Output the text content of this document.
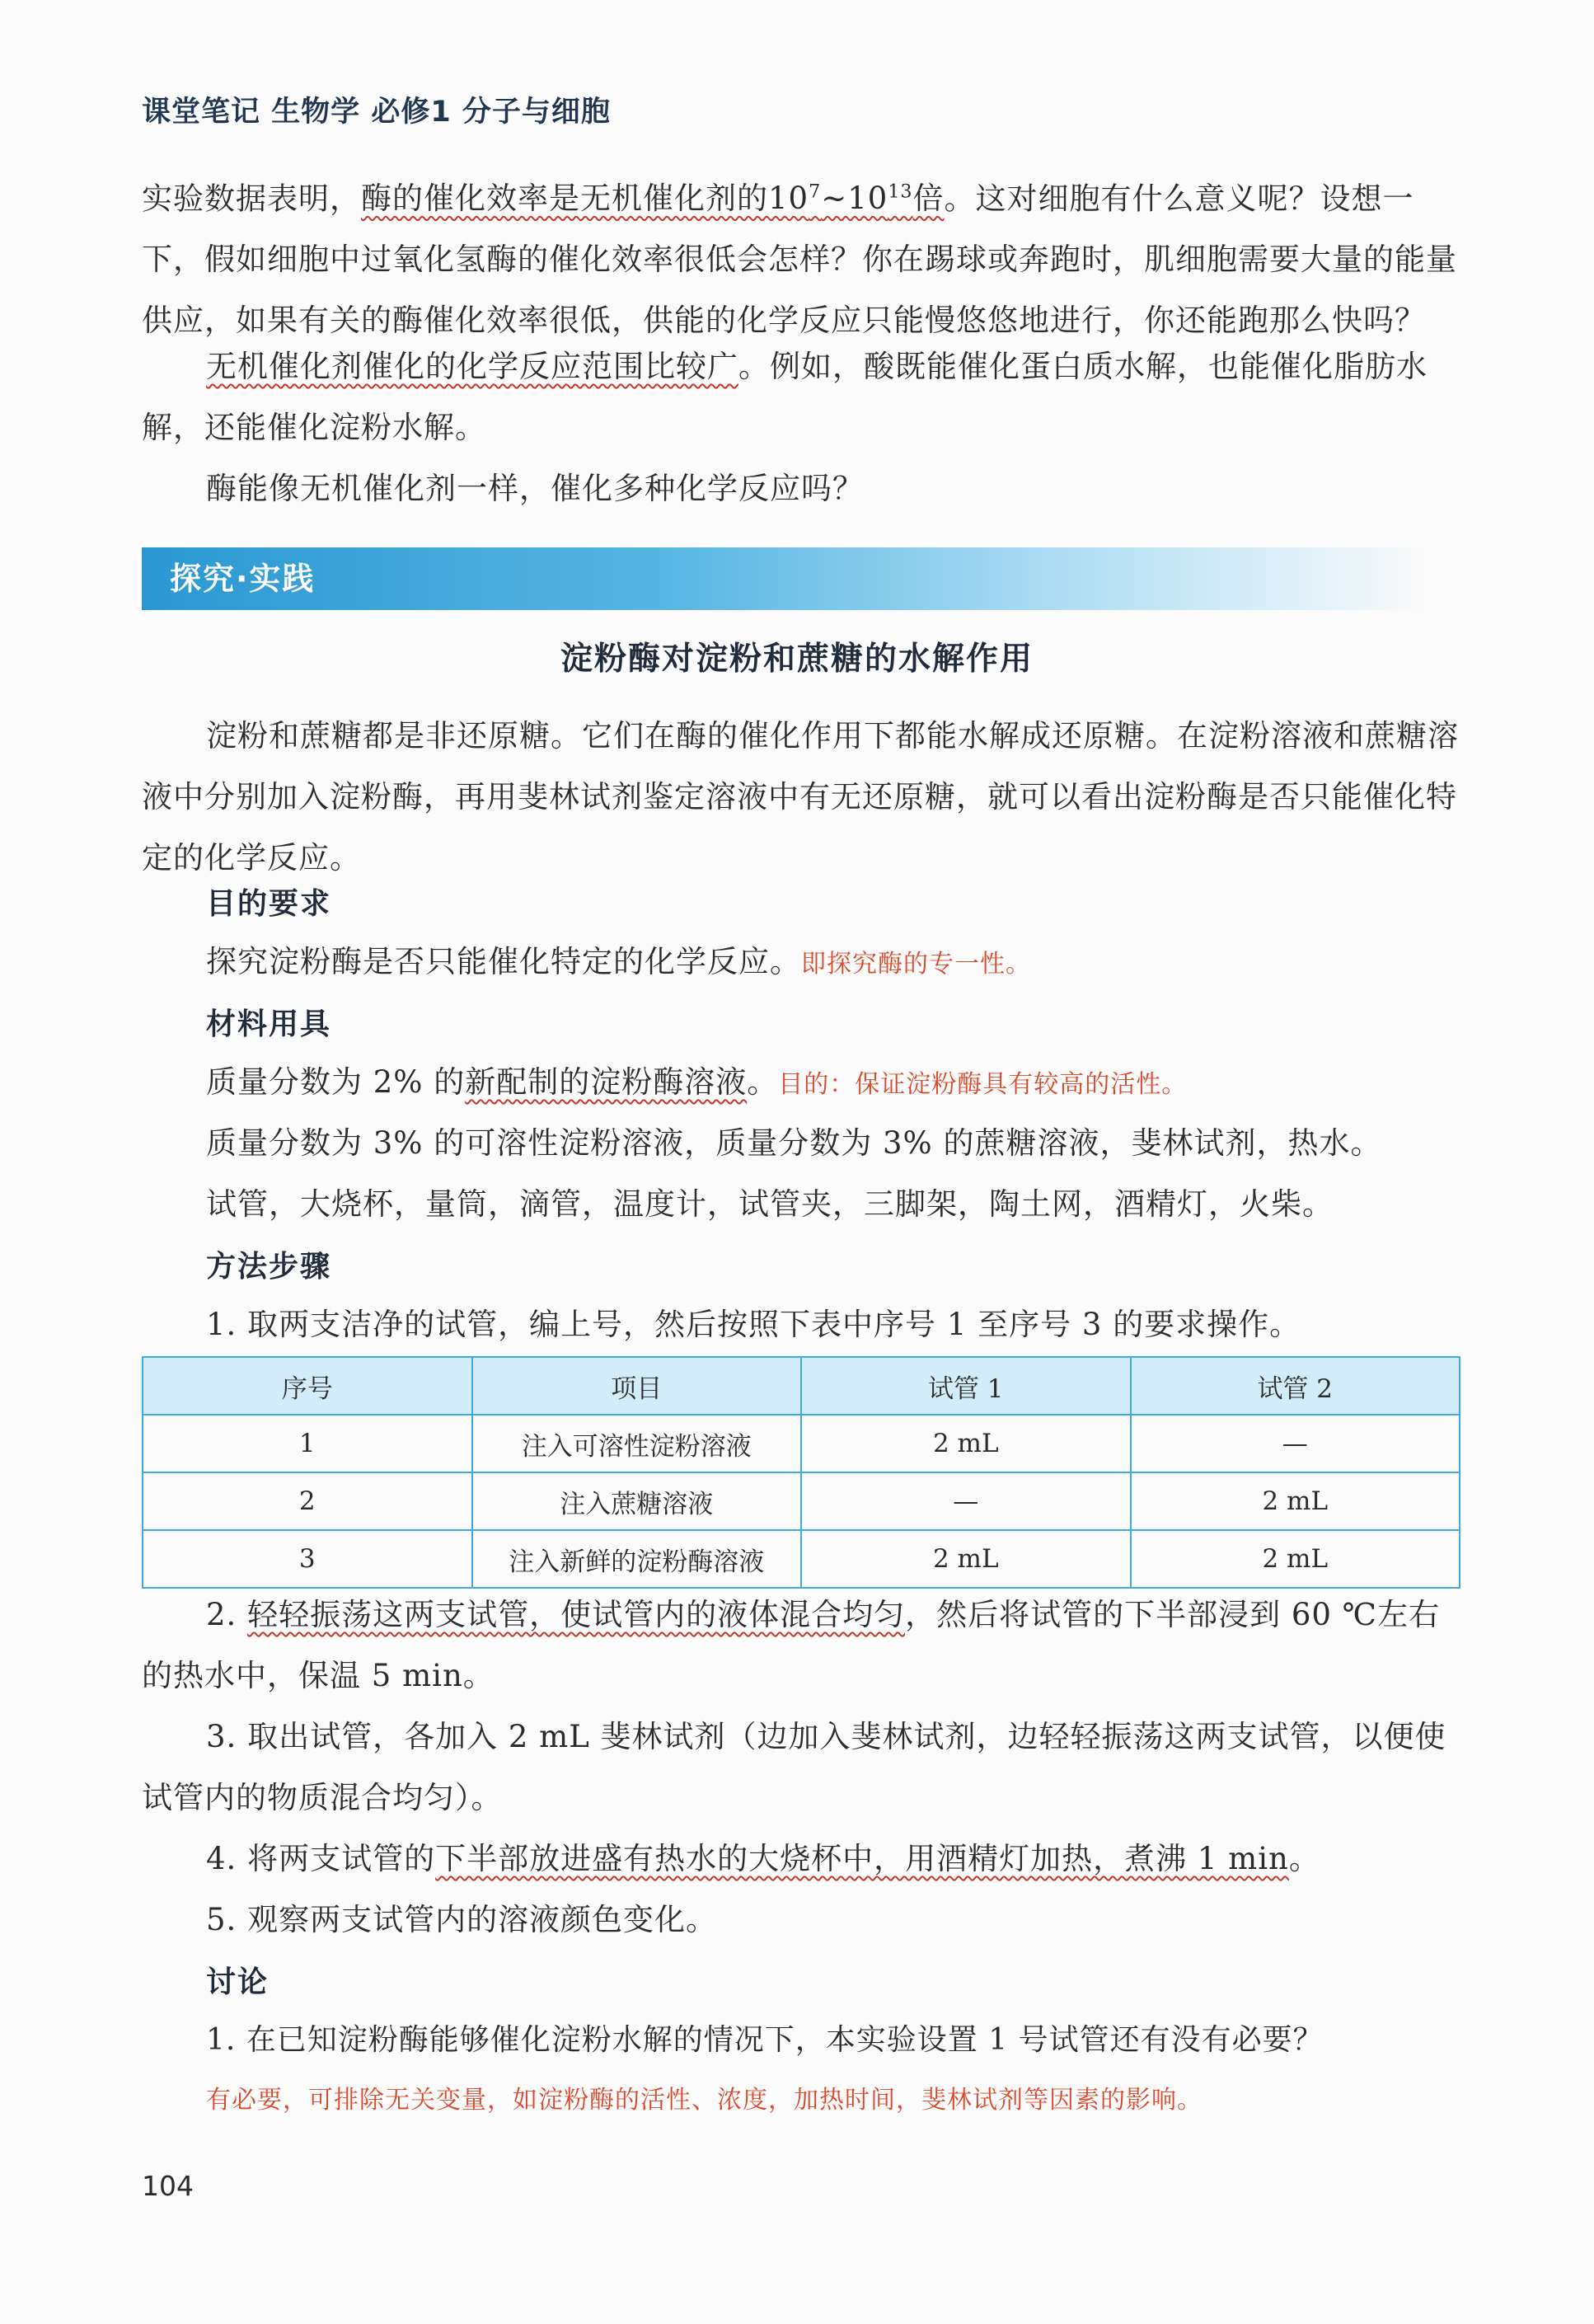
课堂笔记 生物学 必修1 分子与细胞
实验数据表明，酶的催化效率是无机催化剂的$10^7\sim 10^{13}$倍。这对细胞有什么意义呢？设想一下，假如细胞中过氧化氢酶的催化效率很低会怎样？你在踢球或奔跑时，肌细胞需要大量的能量供应，如果有关的酶催化效率很低，供能的化学反应只能慢悠悠地进行，你还能跑那么快吗？
无机催化剂催化的化学反应范围比较广。例如，酸既能催化蛋白质水解，也能催化脂肪水解，还能催化淀粉水解。
酶能像无机催化剂一样，催化多种化学反应吗？
探究·实践
淀粉酶对淀粉和蔗糖的水解作用
淀粉和蔗糖都是非还原糖。它们在酶的催化作用下都能水解成还原糖。在淀粉溶液和蔗糖溶液中分别加入淀粉酶，再用斐林试剂鉴定溶液中有无还原糖，就可以看出淀粉酶是否只能催化特定的化学反应。
目的要求
探究淀粉酶是否只能催化特定的化学反应。即探究酶的专一性。
材料用具
质量分数为 2% 的新配制的淀粉酶溶液。目的：保证淀粉酶具有较高的活性。
质量分数为 3% 的可溶性淀粉溶液，质量分数为 3% 的蔗糖溶液，斐林试剂，热水。
试管，大烧杯，量筒，滴管，温度计，试管夹，三脚架，陶土网，酒精灯，火柴。
方法步骤
1. 取两支洁净的试管，编上号，然后按照下表中序号 1 至序号 3 的要求操作。
序号	项目	试管 1	试管 2
1	注入可溶性淀粉溶液	2 mL	—
2	注入蔗糖溶液	—	2 mL
3	注入新鲜的淀粉酶溶液	2 mL	2 mL
2. 轻轻振荡这两支试管，使试管内的液体混合均匀，然后将试管的下半部浸到 60 ℃左右的热水中，保温 5 min。
3. 取出试管，各加入 2 mL 斐林试剂（边加入斐林试剂，边轻轻振荡这两支试管，以便使试管内的物质混合均匀）。
4. 将两支试管的下半部放进盛有热水的大烧杯中，用酒精灯加热，煮沸 1 min。
5. 观察两支试管内的溶液颜色变化。
讨论
1. 在已知淀粉酶能够催化淀粉水解的情况下，本实验设置 1 号试管还有没有必要？
有必要，可排除无关变量，如淀粉酶的活性、浓度，加热时间，斐林试剂等因素的影响。
104
